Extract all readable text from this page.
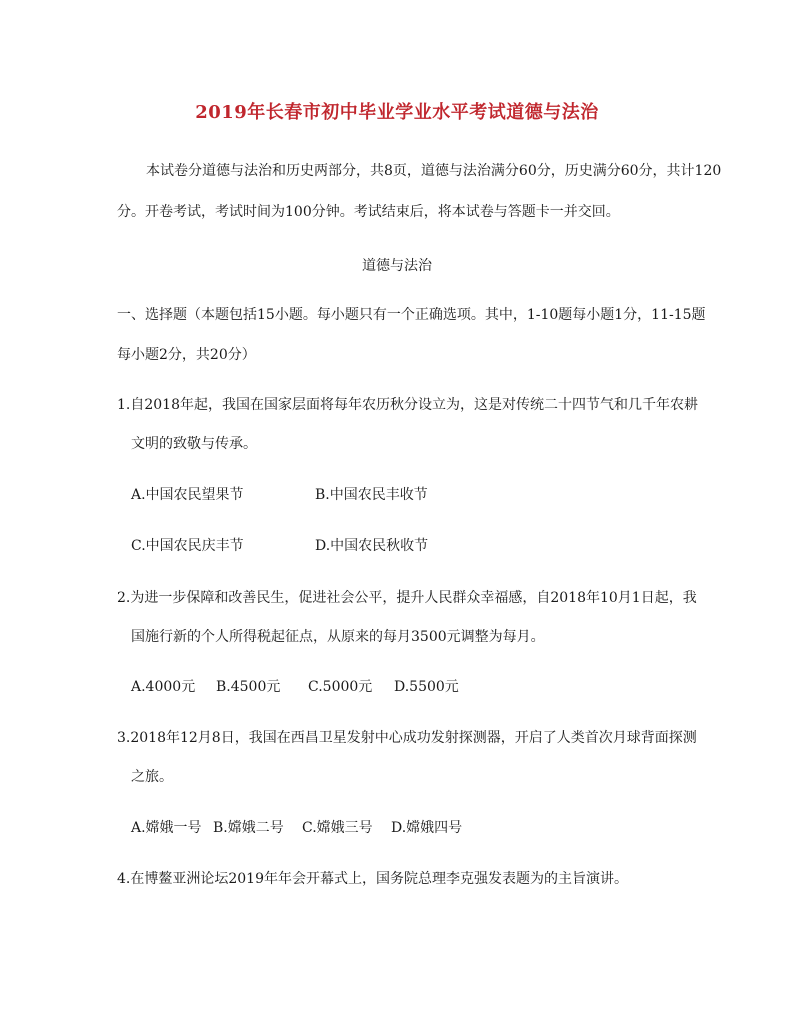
2019年长春市初中毕业学业水平考试道德与法治
本试卷分道德与法治和历史两部分，共8页，道德与法治满分60分，历史满分60分，共计120
分。开卷考试，考试时间为100分钟。考试结束后，将本试卷与答题卡一并交回。
道德与法治
一、选择题（本题包括15小题。每小题只有一个正确选项。其中，1-10题每小题1分，11-15题
每小题2分，共20分）
1.自2018年起，我国在国家层面将每年农历秋分设立为，这是对传统二十四节气和几千年农耕
文明的致敬与传承。
A.中国农民望果节	B.中国农民丰收节
C.中国农民庆丰节	D.中国农民秋收节
2.为进一步保障和改善民生，促进社会公平，提升人民群众幸福感，自2018年10月1日起，我
国施行新的个人所得税起征点，从原来的每月3500元调整为每月。
A.4000元 B.4500元 C.5000元 D.5500元
3.2018年12月8日，我国在西昌卫星发射中心成功发射探测器，开启了人类首次月球背面探测
之旅。
A.嫦娥一号 B.嫦娥二号 C.嫦娥三号 D.嫦娥四号
4.在博鳌亚洲论坛2019年年会开幕式上，国务院总理李克强发表题为的主旨演讲。
